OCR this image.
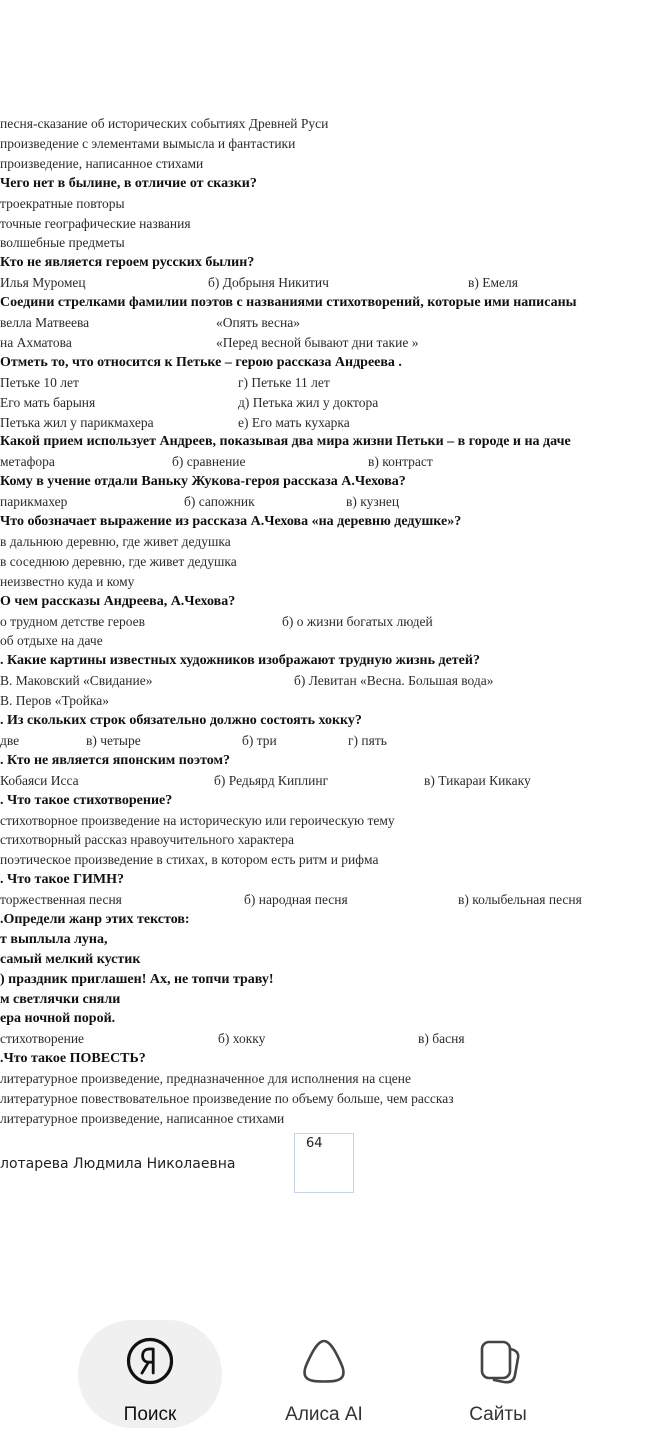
песня-сказание об исторических событиях Древней Руси
произведение с элементами вымысла и фантастики
произведение, написанное стихами
Чего нет в былине, в отличие от сказки?
троекратные повторы
точные географические названия
волшебные предметы
Кто не является героем русских былин?
Илья Муромец	б) Добрыня Никитич	в) Емеля
Соедини стрелками фамилии поэтов с названиями стихотворений, которые ими написаны
велла Матвеева	«Опять весна»
на Ахматова	«Перед весной бывают дни такие »
Отметь то, что относится к Петьке – герою рассказа Андреева .
Петьке 10 лет	г) Петьке 11 лет
Его мать барыня	д) Петька жил у доктора
Петька жил у парикмахера	е) Его мать кухарка
Какой прием использует Андреев, показывая два мира жизни Петьки – в городе и на даче
метафора	б) сравнение	в) контраст
Кому в учение отдали Ваньку Жукова-героя рассказа А.Чехова?
парикмахер	б) сапожник	в) кузнец
Что обозначает выражение из рассказа А.Чехова «на деревню дедушке»?
в дальнюю деревню, где живет дедушка
в соседнюю деревню, где живет дедушка
неизвестно куда и кому
О чем рассказы Андреева, А.Чехова?
о трудном детстве героев	б) о жизни богатых людей
об отдыхе на даче
. Какие картины известных художников изображают трудную жизнь детей?
В. Маковский «Свидание»	б) Левитан «Весна. Большая вода»
В. Перов «Тройка»
. Из скольких строк обязательно должно состоять хокку?
две	в) четыре	б) три	г) пять
. Кто не является японским поэтом?
Кобаяси Исса	б) Редьярд Киплинг	в) Тикараи Кикаку
. Что такое стихотворение?
стихотворное произведение на историческую или героическую тему
стихотворный рассказ нравоучительного характера
поэтическое произведение в стихах, в котором есть ритм и рифма
. Что такое ГИМН?
торжественная песня	б) народная песня	в) колыбельная песня
.Определи жанр этих текстов:
т выплыла луна,
самый мелкий кустик
) праздник приглашен! Ах, не топчи траву!
м светлячки сняли
ера ночной порой.
стихотворение	б) хокку	в) басня
.Что такое ПОВЕСТЬ?
литературное произведение, предназначенное для исполнения на сцене
литературное повествовательное произведение по объему больше, чем рассказ
литературное произведение, написанное стихами
лотарева Людмила Николаевна
64
Поиск	Алиса AI	Сайты
